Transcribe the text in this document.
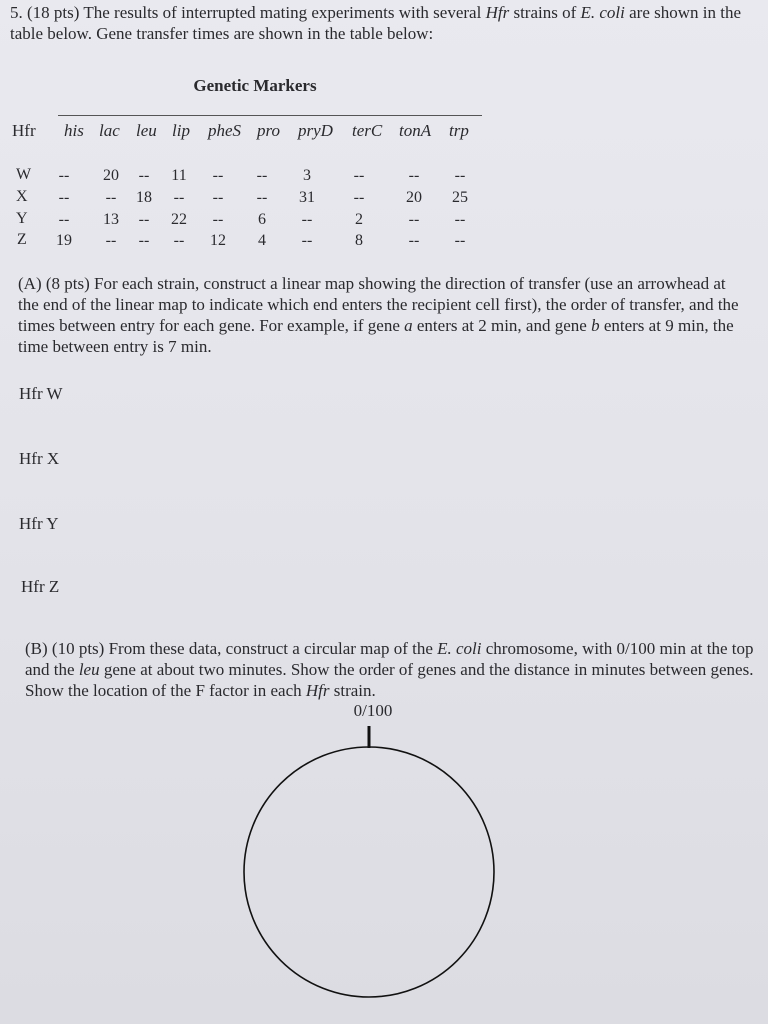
5. (18 pts) The results of interrupted mating experiments with several Hfr strains of E. coli are shown in the table below. Gene transfer times are shown in the table below:

Genetic Markers
Hfr his lac leu lip pheS pro pryD terC tonA trp
W -- 20 -- 11 -- -- 3	--	-- --
X -- -- 18 -- -- -- 31 --	20 25
Y -- 13 -- 22 -- 6 --	2	-- --
Z 19 -- -- -- 12 4 --	8	-- --

(A) (8 pts) For each strain, construct a linear map showing the direction of transfer (use an arrowhead at the end of the linear map to indicate which end enters the recipient cell first), the order of transfer, and the times between entry for each gene. For example, if gene a enters at 2 min, and gene b enters at 9 min, the time between entry is 7 min.

Hfr W
Hfr X
Hfr Y
Hfr Z

(B) (10 pts) From these data, construct a circular map of the E. coli chromosome, with 0/100 min at the top and the leu gene at about two minutes. Show the order of genes and the distance in minutes between genes. Show the location of the F factor in each Hfr strain.

0/100
